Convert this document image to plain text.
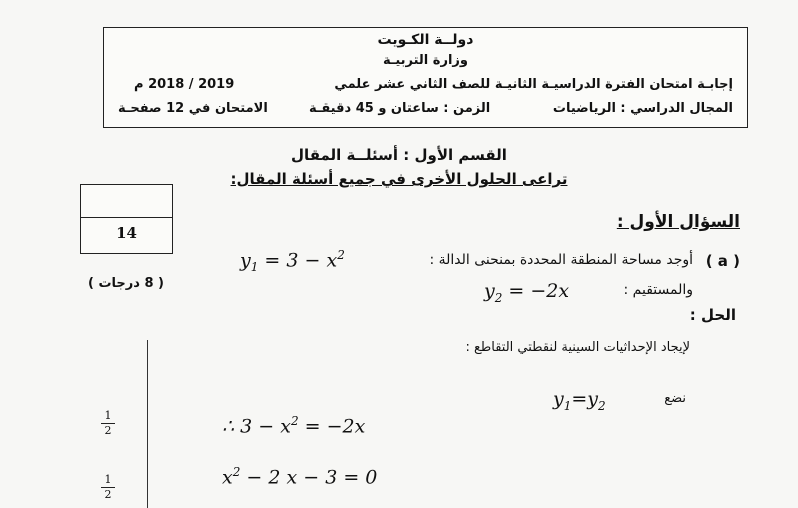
دولــة الكـويت
وزارة التربيـة
إجابـة امتحان الفترة الدراسيـة الثانيـة للصف الثاني عشر علمي
2019 / 2018 م
المجال الدراسي : الرياضيات
الزمن : ساعتان و 45 دقيقـة
الامتحان في 12 صفحـة
القسم الأول : أسئلــة المقال
تراعى الحلول الأخرى في جميع أسئلة المقال:
14
( 8 درجات )
السؤال الأول :
( a )
أوجد مساحة المنطقة المحددة بمنحنى الدالة :
$y_1 = 3 - x^2$
والمستقيم :
$y_2 = -2x$
الحل :
لإيجاد الإحداثيات السينية لنقطتي التقاطع :
نضع
$y_1=y_2$
1
2
1
2
∴ $3 - x^2 = -2x$
$x^2 - 2$ x − 3 = 0
